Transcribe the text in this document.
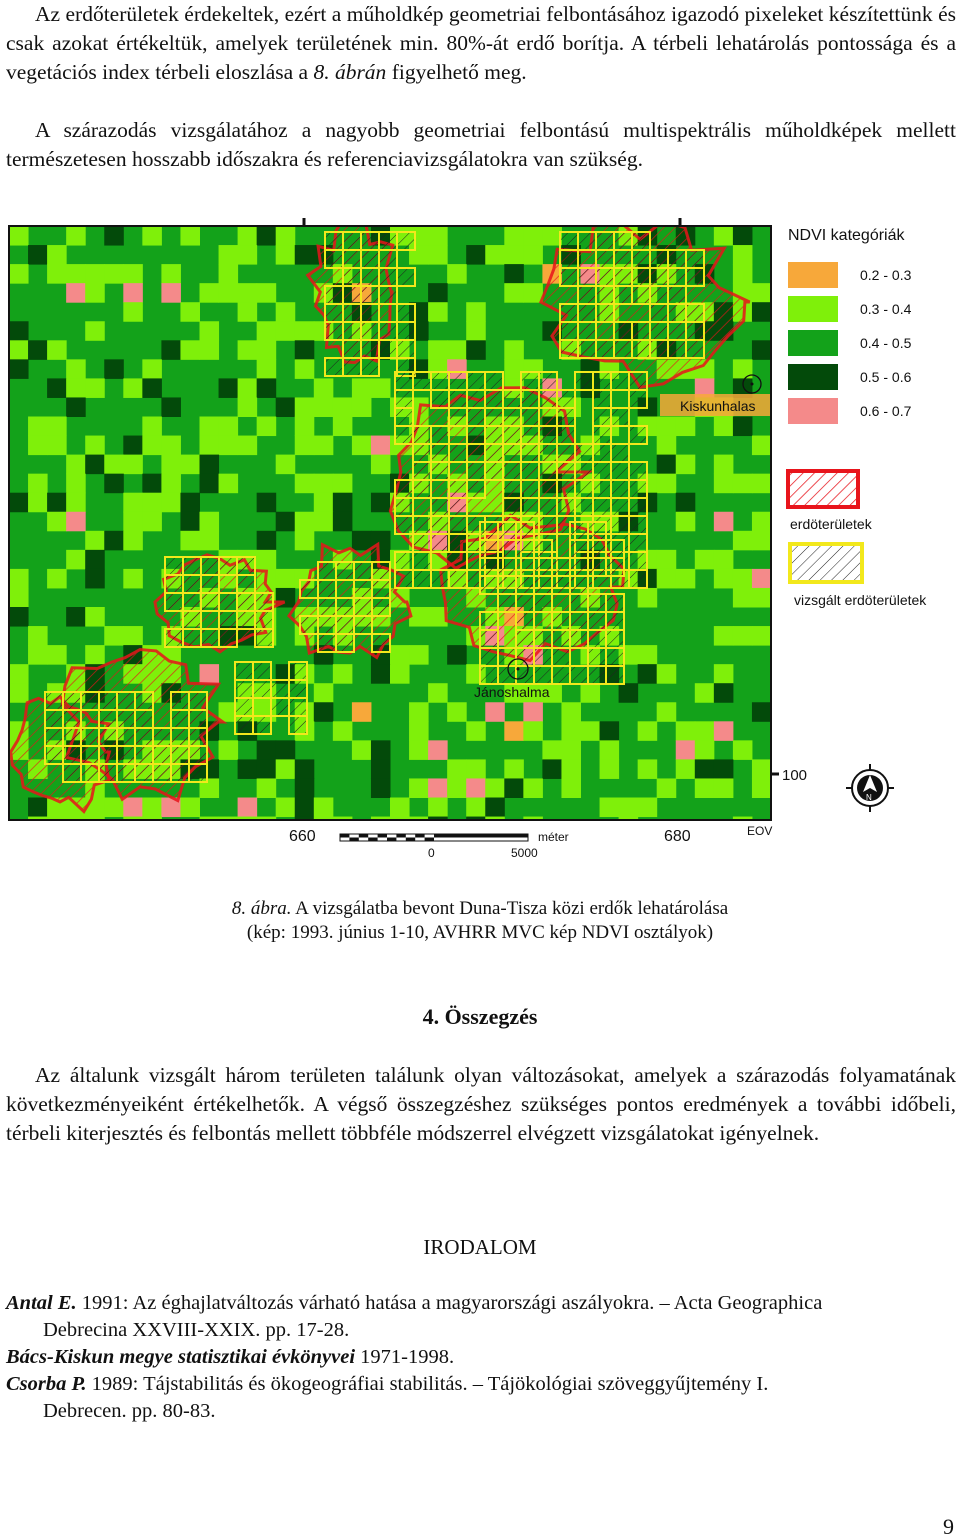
Az erdőterületek érdekeltek, ezért a műholdkép geometriai felbontásához igazodó pixeleket készítettünk és csak azokat értékeltük, amelyek területének min. 80%-át erdő borítja. A térbeli lehatárolás pontossága és a vegetációs index térbeli eloszlása a 8. ábrán figyelhető meg.

A szárazodás vizsgálatához a nagyobb geometriai felbontású multispektrális műholdképek mellett természetesen hosszabb időszakra és referenciavizsgálatokra van szükség.

Kiskunhalas
Jánoshalma
NDVI kategóriák
0.2 - 0.3
0.3 - 0.4
0.4 - 0.5
0.5 - 0.6
0.6 - 0.7
erdöterületek
vizsgált erdöterületek
660	680
100
EOV
méter
0	5000
N
8. ábra. A vizsgálatba bevont Duna-Tisza közi erdők lehatárolása
(kép: 1993. június 1-10, AVHRR MVC kép NDVI osztályok)
4. Összegzés

Az általunk vizsgált három területen találunk olyan változásokat, amelyek a szárazodás folyamatának következményeiként értékelhetők. A végső összegzéshez szükséges pontos eredmények a további időbeli, térbeli kiterjesztés és felbontás mellett többféle módszerrel elvégzett vizsgálatokat igényelnek.

IRODALOM
Antal E. 1991: Az éghajlatváltozás várható hatása a magyarországi aszályokra. – Acta Geographica
Debrecina XXVIII-XXIX. pp. 17-28.
Bács-Kiskun megye statisztikai évkönyvei 1971-1998.
Csorba P. 1989: Tájstabilitás és ökogeográfiai stabilitás. – Tájökológiai szöveggyűjtemény I.
Debrecen. pp. 80-83.
9
